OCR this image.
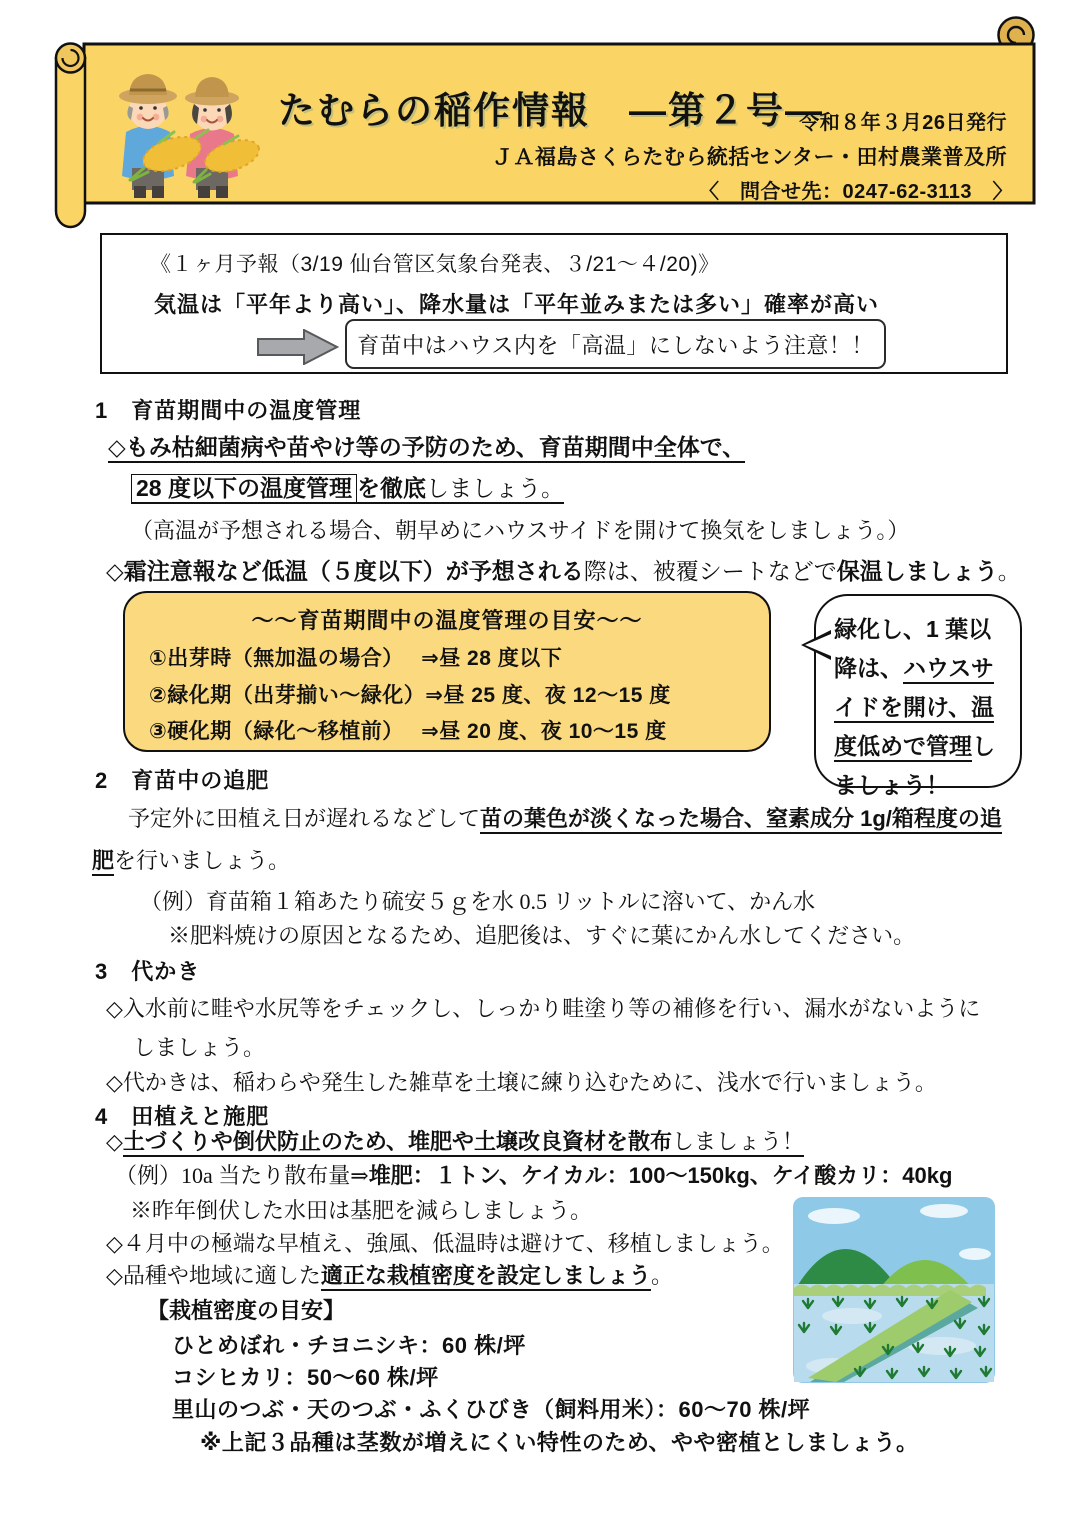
たむらの稲作情報　―第２号―
令和８年３月26日発行
ＪＡ福島さくらたむら統括センター・田村農業普及所
〈　問合せ先：0247-62-3113　〉
《１ヶ月予報（3/19 仙台管区気象台発表、３/21～４/20)》
気温は「平年より高い」、降水量は「平年並みまたは多い」確率が高い
育苗中はハウス内を「高温」にしないよう注意！！
1　育苗期間中の温度管理
◇もみ枯細菌病や苗やけ等の予防のため、育苗期間中全体で、
28 度以下の温度管理 を徹底しましょう。
（高温が予想される場合、朝早めにハウスサイドを開けて換気をしましょう。）
◇霜注意報など低温（５度以下）が予想される際は、被覆シートなどで保温しましょう。
～～育苗期間中の温度管理の目安～～
①出芽時（無加温の場合）　 ⇒昼 28 度以下
②緑化期（出芽揃い～緑化）⇒昼 25 度、夜 12～15 度
③硬化期（緑化～移植前）　 ⇒昼 20 度、夜 10～15 度
緑化し、1 葉以降は、ハウスサイドを開け、温度低めで管理しましょう！
2　育苗中の追肥
予定外に田植え日が遅れるなどして苗の葉色が淡くなった場合、窒素成分 1g/箱程度の追
肥を行いましょう。
（例）育苗箱１箱あたり硫安５ｇを水 0.5 リットルに溶いて、かん水
※肥料焼けの原因となるため、追肥後は、すぐに葉にかん水してください。
3　代かき
◇入水前に畦や水尻等をチェックし、しっかり畦塗り等の補修を行い、漏水がないように
しましょう。
◇代かきは、稲わらや発生した雑草を土壌に練り込むために、浅水で行いましょう。
4　田植えと施肥
◇土づくりや倒伏防止のため、堆肥や土壌改良資材を散布しましょう！
（例）10a 当たり散布量⇒堆肥：１トン、ケイカル：100～150kg、ケイ酸カリ：40kg
※昨年倒伏した水田は基肥を減らしましょう。
◇４月中の極端な早植え、強風、低温時は避けて、移植しましょう。
◇品種や地域に適した適正な栽植密度を設定しましょう。
【栽植密度の目安】
ひとめぼれ・チヨニシキ：60 株/坪
コシヒカリ：50～60 株/坪
里山のつぶ・天のつぶ・ふくひびき（飼料用米）：60～70 株/坪
※上記３品種は茎数が増えにくい特性のため、やや密植としましょう。
